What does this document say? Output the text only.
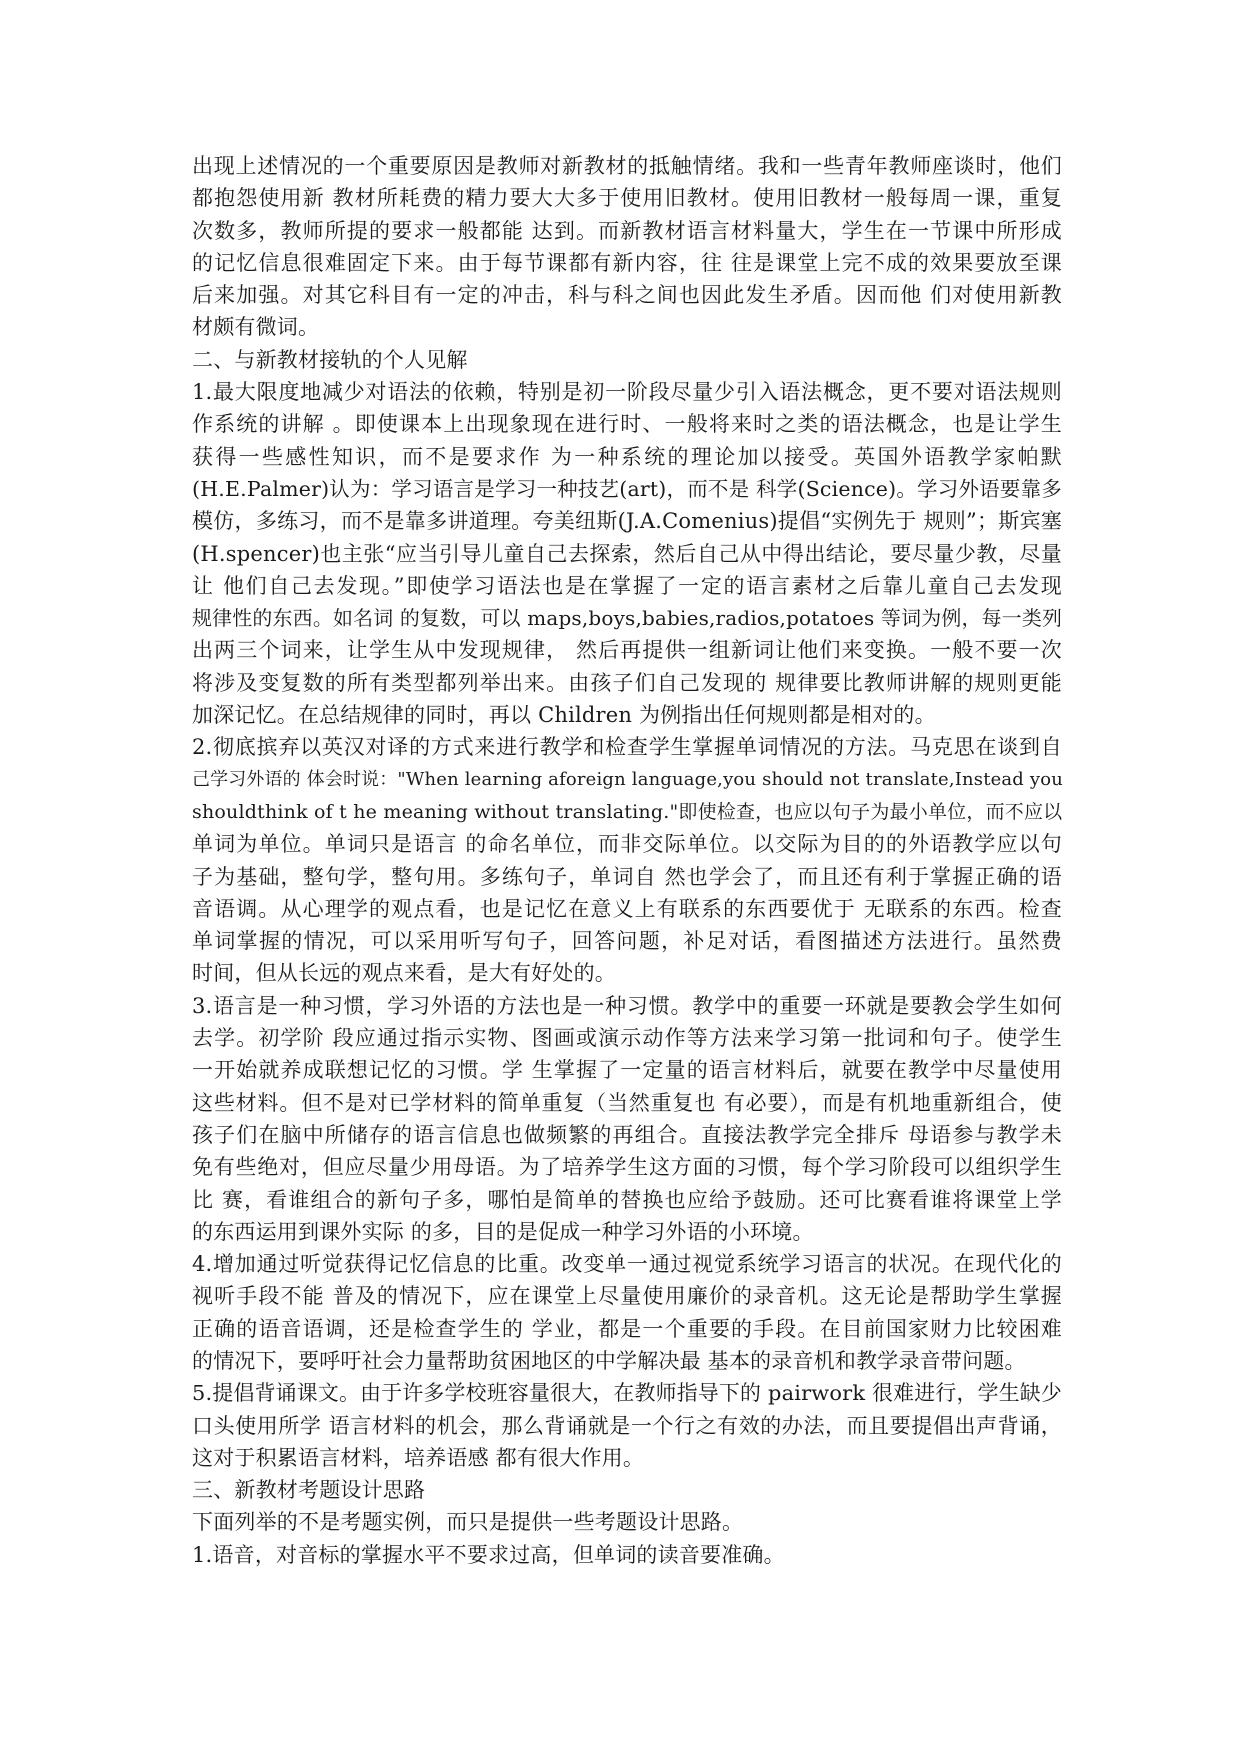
出现上述情况的一个重要原因是教师对新教材的抵触情绪。我和一些青年教师座谈时，他们
都抱怨使用新 教材所耗费的精力要大大多于使用旧教材。使用旧教材一般每周一课，重复
次数多，教师所提的要求一般都能 达到。而新教材语言材料量大，学生在一节课中所形成
的记忆信息很难固定下来。由于每节课都有新内容，往 往是课堂上完不成的效果要放至课
后来加强。对其它科目有一定的冲击，科与科之间也因此发生矛盾。因而他 们对使用新教
材颇有微词。
二、与新教材接轨的个人见解
1.最大限度地减少对语法的依赖，特别是初一阶段尽量少引入语法概念，更不要对语法规则
作系统的讲解 。即使课本上出现象现在进行时、一般将来时之类的语法概念，也是让学生
获得一些感性知识，而不是要求作 为一种系统的理论加以接受。英国外语教学家帕默
(H.E.Palmer)认为：学习语言是学习一种技艺(art)，而不是 科学(Science)。学习外语要靠多
模仿，多练习，而不是靠多讲道理。夸美纽斯(J.A.Comenius)提倡“实例先于 规则”；斯宾塞
(H.spencer)也主张“应当引导儿童自己去探索，然后自己从中得出结论，要尽量少教，尽量
让 他们自己去发现。”即使学习语法也是在掌握了一定的语言素材之后靠儿童自己去发现
规律性的东西。如名词 的复数，可以 maps,boys,babies,radios,potatoes 等词为例，每一类列
出两三个词来，让学生从中发现规律， 然后再提供一组新词让他们来变换。一般不要一次
将涉及变复数的所有类型都列举出来。由孩子们自己发现的 规律要比教师讲解的规则更能
加深记忆。在总结规律的同时，再以 Children 为例指出任何规则都是相对的。
2.彻底摈弃以英汉对译的方式来进行教学和检查学生掌握单词情况的方法。马克思在谈到自
己学习外语的 体会时说："When learning aforeign language,you should not translate,Instead you
shouldthink of t he meaning without translating."即使检查，也应以句子为最小单位，而不应以
单词为单位。单词只是语言 的命名单位，而非交际单位。以交际为目的的外语教学应以句
子为基础，整句学，整句用。多练句子，单词自 然也学会了，而且还有利于掌握正确的语
音语调。从心理学的观点看，也是记忆在意义上有联系的东西要优于 无联系的东西。检查
单词掌握的情况，可以采用听写句子，回答问题，补足对话，看图描述方法进行。虽然费
时间，但从长远的观点来看，是大有好处的。
3.语言是一种习惯，学习外语的方法也是一种习惯。教学中的重要一环就是要教会学生如何
去学。初学阶 段应通过指示实物、图画或演示动作等方法来学习第一批词和句子。使学生
一开始就养成联想记忆的习惯。学 生掌握了一定量的语言材料后，就要在教学中尽量使用
这些材料。但不是对已学材料的简单重复（当然重复也 有必要），而是有机地重新组合，使
孩子们在脑中所储存的语言信息也做频繁的再组合。直接法教学完全排斥 母语参与教学未
免有些绝对，但应尽量少用母语。为了培养学生这方面的习惯，每个学习阶段可以组织学生
比 赛，看谁组合的新句子多，哪怕是简单的替换也应给予鼓励。还可比赛看谁将课堂上学
的东西运用到课外实际 的多，目的是促成一种学习外语的小环境。
4.增加通过听觉获得记忆信息的比重。改变单一通过视觉系统学习语言的状况。在现代化的
视听手段不能 普及的情况下，应在课堂上尽量使用廉价的录音机。这无论是帮助学生掌握
正确的语音语调，还是检查学生的 学业，都是一个重要的手段。在目前国家财力比较困难
的情况下，要呼吁社会力量帮助贫困地区的中学解决最 基本的录音机和教学录音带问题。
5.提倡背诵课文。由于许多学校班容量很大，在教师指导下的 pairwork 很难进行，学生缺少
口头使用所学 语言材料的机会，那么背诵就是一个行之有效的办法，而且要提倡出声背诵，
这对于积累语言材料，培养语感 都有很大作用。
三、新教材考题设计思路
下面列举的不是考题实例，而只是提供一些考题设计思路。
1.语音，对音标的掌握水平不要求过高，但单词的读音要准确。
